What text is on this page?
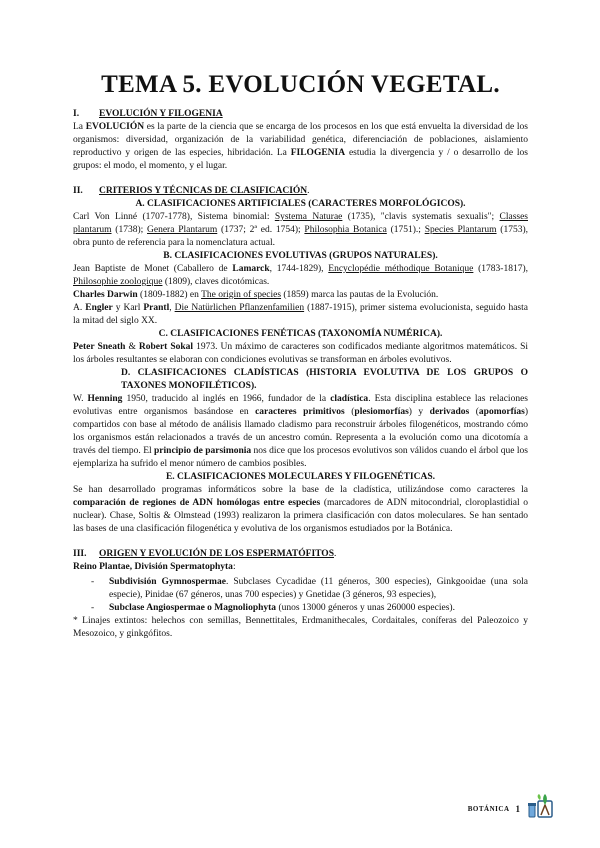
TEMA 5. EVOLUCIÓN VEGETAL.
I. EVOLUCIÓN Y FILOGENIA

La EVOLUCIÓN es la parte de la ciencia que se encarga de los procesos en los que está envuelta la diversidad de los organismos: diversidad, organización de la variabilidad genética, diferenciación de poblaciones, aislamiento reproductivo y origen de las especies, hibridación. La FILOGENIA estudia la divergencia y / o desarrollo de los grupos: el modo, el momento, y el lugar.

II. CRITERIOS Y TÉCNICAS DE CLASIFICACIÓN.

A. CLASIFICACIONES ARTIFICIALES (CARACTERES MORFOLÓGICOS).

Carl Von Linné (1707-1778), Sistema binomial: Systema Naturae (1735), "clavis systematis sexualis"; Classes plantarum (1738); Genera Plantarum (1737; 2ª ed. 1754); Philosophia Botanica (1751).; Species Plantarum (1753), obra punto de referencia para la nomenclatura actual.

B. CLASIFICACIONES EVOLUTIVAS (GRUPOS NATURALES).

Jean Baptiste de Monet (Caballero de Lamarck, 1744-1829), Encyclopédie méthodique Botanique (1783-1817), Philosophie zoologique (1809), claves dicotómicas.

Charles Darwin (1809-1882) en The origin of species (1859) marca las pautas de la Evolución.

A. Engler y Karl Prantl, Die Natürlichen Pflanzenfamilien (1887-1915), primer sistema evolucionista, seguido hasta la mitad del siglo XX.

C. CLASIFICACIONES FENÉTICAS (TAXONOMÍA NUMÉRICA).

Peter Sneath & Robert Sokal 1973. Un máximo de caracteres son codificados mediante algoritmos matemáticos. Si los árboles resultantes se elaboran con condiciones evolutivas se transforman en árboles evolutivos.

D. CLASIFICACIONES CLADÍSTICAS (HISTORIA EVOLUTIVA DE LOS GRUPOS O TAXONES MONOFILÉTICOS).

W. Henning 1950, traducido al inglés en 1966, fundador de la cladística. Esta disciplina establece las relaciones evolutivas entre organismos basándose en caracteres primitivos (plesiomorfías) y derivados (apomorfías) compartidos con base al método de análisis llamado cladismo para reconstruir árboles filogenéticos, mostrando cómo los organismos están relacionados a través de un ancestro común. Representa a la evolución como una dicotomía a través del tiempo. El principio de parsimonia nos dice que los procesos evolutivos son válidos cuando el árbol que los ejemplariza ha sufrido el menor número de cambios posibles.

E. CLASIFICACIONES MOLECULARES Y FILOGENÉTICAS.

Se han desarrollado programas informáticos sobre la base de la cladística, utilizándose como caracteres la comparación de regiones de ADN homólogas entre especies (marcadores de ADN mitocondrial, cloroplastidial o nuclear). Chase, Soltis & Olmstead (1993) realizaron la primera clasificación con datos moleculares. Se han sentado las bases de una clasificación filogenética y evolutiva de los organismos estudiados por la Botánica.

III. ORIGEN Y EVOLUCIÓN DE LOS ESPERMATÓFITOS.

Reino Plantae, División Spermatophyta:

- Subdivisión Gymnospermae. Subclases Cycadidae (11 géneros, 300 especies), Ginkgooidae (una sola especie), Pinidae (67 géneros, unas 700 especies) y Gnetidae (3 géneros, 93 especies),
- Subclase Angiospermae o Magnoliophyta (unos 13000 géneros y unas 260000 especies).

* Linajes extintos: helechos con semillas, Bennettitales, Erdmanithecales, Cordaitales, coníferas del Paleozoico y Mesozoico, y ginkgófitos.

BOTÁNICA 1
